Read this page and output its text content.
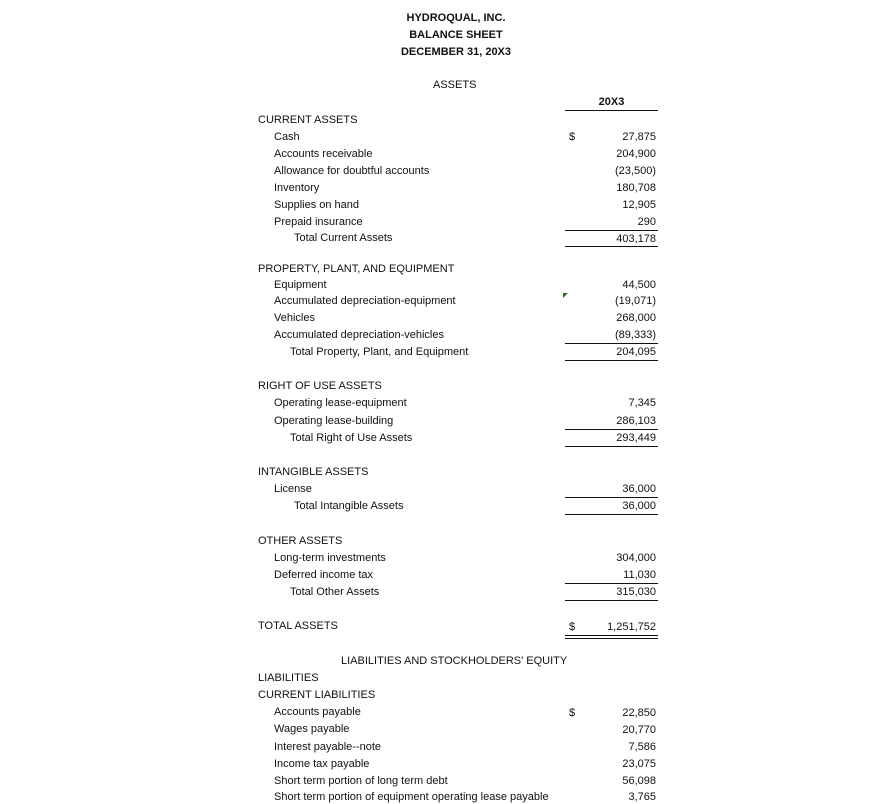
HYDROQUAL, INC.
BALANCE SHEET
DECEMBER 31, 20X3
ASSETS
20X3
CURRENT ASSETS
Cash	$	27,875
Accounts receivable	204,900
Allowance for doubtful accounts	(23,500)
Inventory	180,708
Supplies on hand	12,905
Prepaid insurance	290
Total Current Assets	403,178
PROPERTY, PLANT, AND EQUIPMENT
Equipment	44,500
Accumulated depreciation-equipment	(19,071)
Vehicles	268,000
Accumulated depreciation-vehicles	(89,333)
Total Property, Plant, and Equipment	204,095
RIGHT OF USE ASSETS
Operating lease-equipment	7,345
Operating lease-building	286,103
Total Right of Use Assets	293,449
INTANGIBLE ASSETS
License	36,000
Total Intangible Assets	36,000
OTHER ASSETS
Long-term investments	304,000
Deferred income tax	11,030
Total Other Assets	315,030
TOTAL ASSETS	$	1,251,752
LIABILITIES AND STOCKHOLDERS' EQUITY
LIABILITIES
CURRENT LIABILITIES
Accounts payable	$	22,850
Wages payable	20,770
Interest payable--note	7,586
Income tax payable	23,075
Short term portion of long term debt	56,098
Short term portion of equipment operating lease payable	3,765
